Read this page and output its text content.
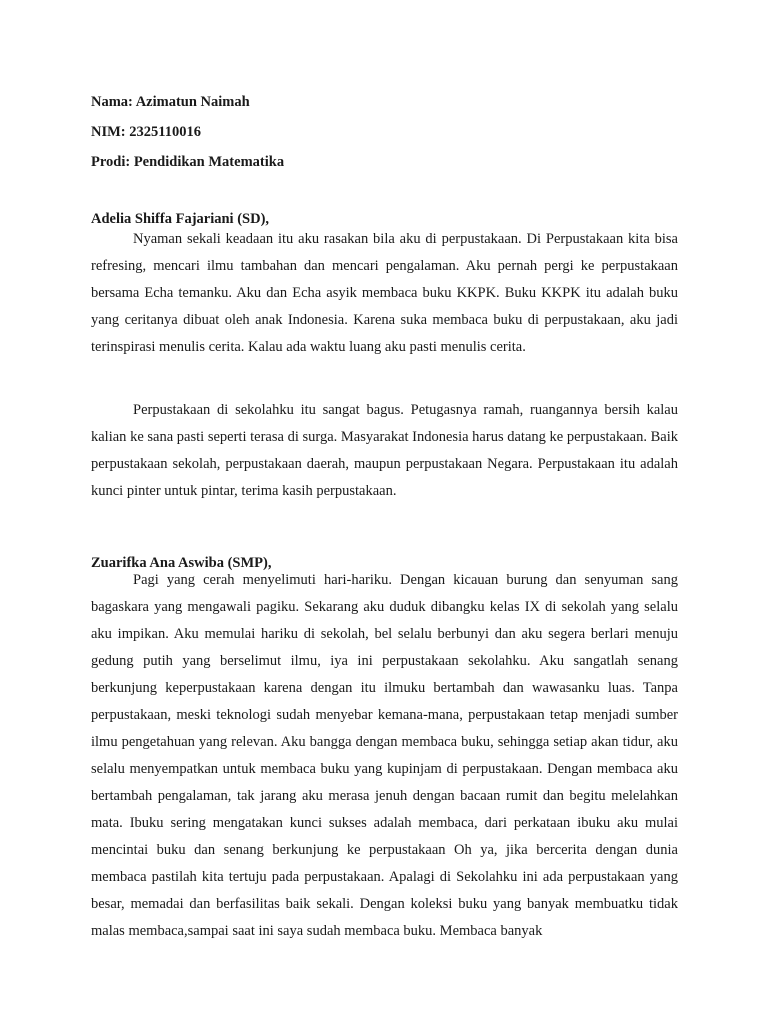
Nama: Azimatun Naimah
NIM: 2325110016
Prodi: Pendidikan Matematika
Adelia Shiffa Fajariani (SD),

Nyaman sekali keadaan itu aku rasakan bila aku di perpustakaan. Di Perpustakaan kita bisa refresing, mencari ilmu tambahan dan mencari pengalaman. Aku pernah pergi ke perpustakaan bersama Echa temanku. Aku dan Echa asyik membaca buku KKPK. Buku KKPK itu adalah buku yang ceritanya dibuat oleh anak Indonesia. Karena suka membaca buku di perpustakaan, aku jadi terinspirasi menulis cerita. Kalau ada waktu luang aku pasti menulis cerita.

Perpustakaan di sekolahku itu sangat bagus. Petugasnya ramah, ruangannya bersih kalau kalian ke sana pasti seperti terasa di surga. Masyarakat Indonesia harus datang ke perpustakaan. Baik perpustakaan sekolah, perpustakaan daerah, maupun perpustakaan Negara. Perpustakaan itu adalah kunci pinter untuk pintar, terima kasih perpustakaan.

Zuarifka Ana Aswiba (SMP),

Pagi yang cerah menyelimuti hari-hariku. Dengan kicauan burung dan senyuman sang bagaskara yang mengawali pagiku. Sekarang aku duduk dibangku kelas IX di sekolah yang selalu aku impikan. Aku memulai hariku di sekolah, bel selalu berbunyi dan aku segera berlari menuju gedung putih yang berselimut ilmu, iya ini perpustakaan sekolahku. Aku sangatlah senang berkunjung keperpustakaan karena dengan itu ilmuku bertambah dan wawasanku luas. Tanpa perpustakaan, meski teknologi sudah menyebar kemana-mana, perpustakaan tetap menjadi sumber ilmu pengetahuan yang relevan. Aku bangga dengan membaca buku, sehingga setiap akan tidur, aku selalu menyempatkan untuk membaca buku yang kupinjam di perpustakaan. Dengan membaca aku bertambah pengalaman, tak jarang aku merasa jenuh dengan bacaan rumit dan begitu melelahkan mata. Ibuku sering mengatakan kunci sukses adalah membaca, dari perkataan ibuku aku mulai mencintai buku dan senang berkunjung ke perpustakaan Oh ya, jika bercerita dengan dunia membaca pastilah kita tertuju pada perpustakaan. Apalagi di Sekolahku ini ada perpustakaan yang besar, memadai dan berfasilitas baik sekali. Dengan koleksi buku yang banyak membuatku tidak malas membaca,sampai saat ini saya sudah membaca buku. Membaca banyak
